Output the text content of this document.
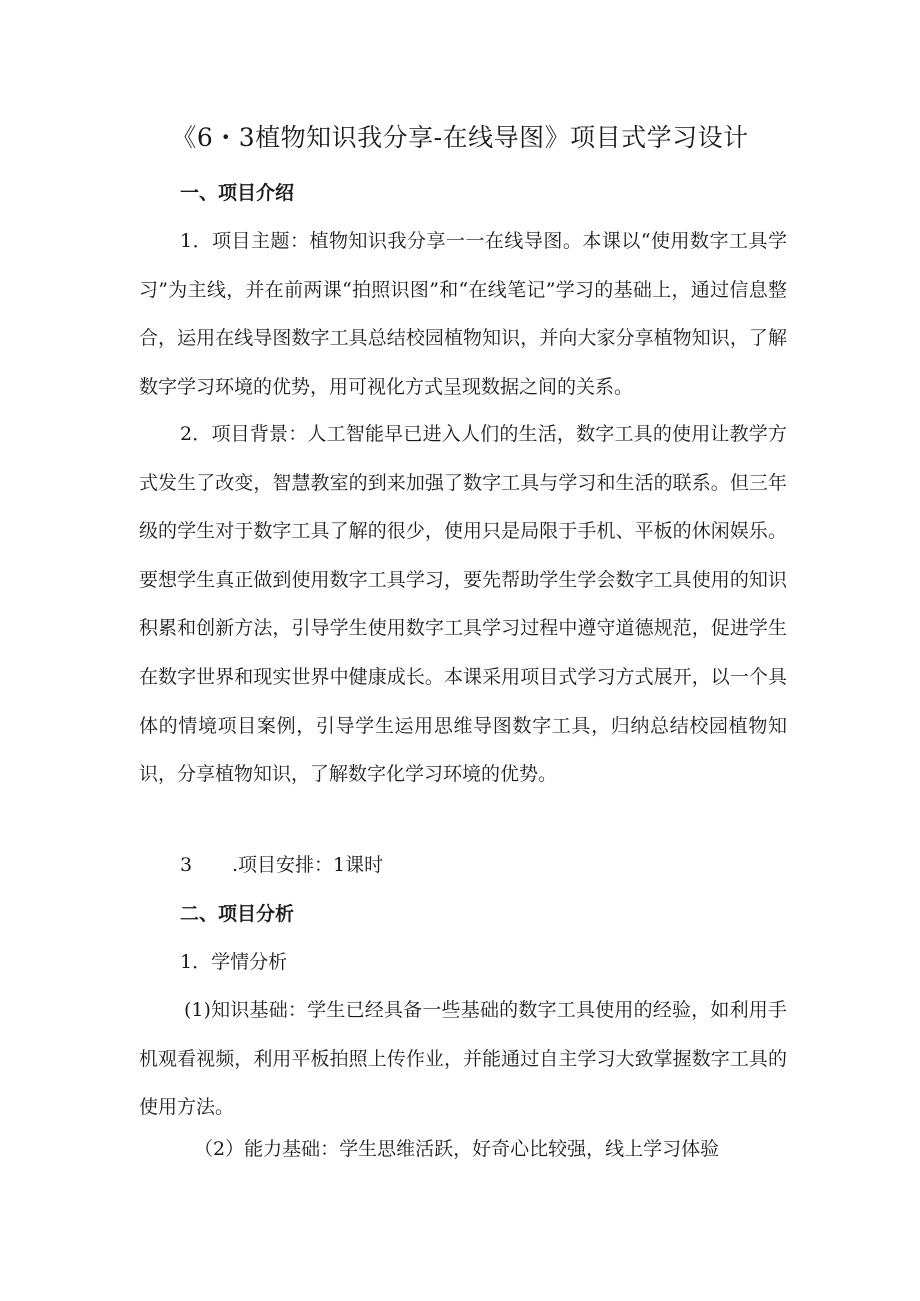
《6・3植物知识我分享-在线导图》项目式学习设计
一、项目介绍
1．项目主题：植物知识我分享一一在线导图。本课以“使用数字工具学习”为主线，并在前两课“拍照识图”和“在线笔记”学习的基础上，通过信息整合，运用在线导图数字工具总结校园植物知识，并向大家分享植物知识，了解数字学习环境的优势，用可视化方式呈现数据之间的关系。
2．项目背景：人工智能早已进入人们的生活，数字工具的使用让教学方式发生了改变，智慧教室的到来加强了数字工具与学习和生活的联系。但三年级的学生对于数字工具了解的很少，使用只是局限于手机、平板的休闲娱乐。要想学生真正做到使用数字工具学习，要先帮助学生学会数字工具使用的知识积累和创新方法，引导学生使用数字工具学习过程中遵守道德规范，促进学生在数字世界和现实世界中健康成长。本课采用项目式学习方式展开，以一个具体的情境项目案例，引导学生运用思维导图数字工具，归纳总结校园植物知识，分享植物知识，了解数字化学习环境的优势。
3 .项目安排：1课时
二、项目分析
1．学情分析
(1)知识基础：学生已经具备一些基础的数字工具使用的经验，如利用手机观看视频，利用平板拍照上传作业，并能通过自主学习大致掌握数字工具的使用方法。
（2）能力基础：学生思维活跃，好奇心比较强，线上学习体验
